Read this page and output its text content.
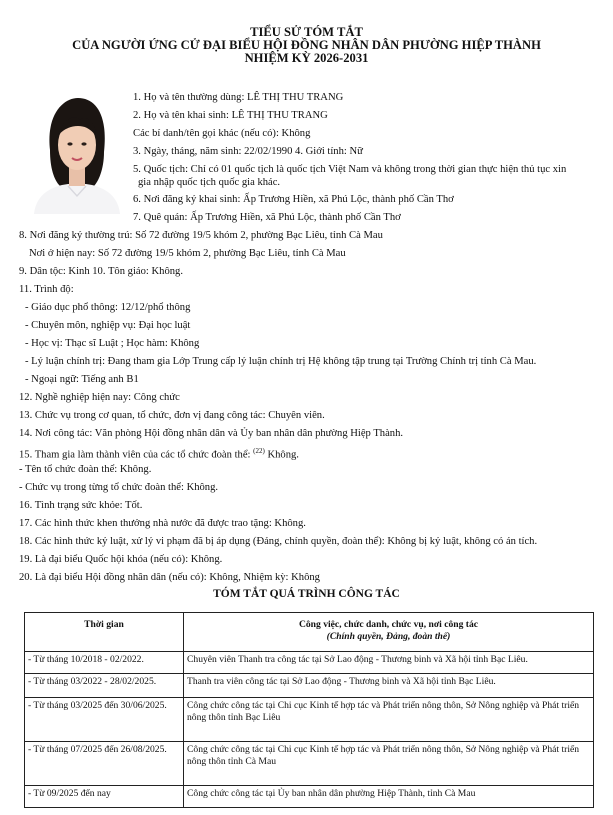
TIỂU SỬ TÓM TẮT
CỦA NGƯỜI ỨNG CỬ ĐẠI BIỂU HỘI ĐỒNG NHÂN DÂN PHƯỜNG HIỆP THÀNH
NHIỆM KỲ 2026-2031
1. Họ và tên thường dùng: LÊ THỊ THU TRANG
2. Họ và tên khai sinh: LÊ THỊ THU TRANG
Các bí danh/tên gọi khác (nếu có): Không
3. Ngày, tháng, năm sinh: 22/02/1990 4. Giới tính: Nữ
5. Quốc tịch: Chỉ có 01 quốc tịch là quốc tịch Việt Nam và không trong thời gian thực hiện thủ tục xin
gia nhập quốc tịch quốc gia khác.
6. Nơi đăng ký khai sinh: Ấp Trương Hiền, xã Phú Lộc, thành phố Cần Thơ
7. Quê quán: Ấp Trương Hiền, xã Phú Lộc, thành phố Cần Thơ
8. Nơi đăng ký thường trú: Số 72 đường 19/5 khóm 2, phường Bạc Liêu, tỉnh Cà Mau
Nơi ở hiện nay: Số 72 đường 19/5 khóm 2, phường Bạc Liêu, tỉnh Cà Mau
9. Dân tộc: Kinh 10. Tôn giáo: Không.
11. Trình độ:
- Giáo dục phổ thông: 12/12/phổ thông
- Chuyên môn, nghiệp vụ: Đại học luật
- Học vị: Thạc sĩ Luật ; Học hàm: Không
- Lý luận chính trị: Đang tham gia Lớp Trung cấp lý luận chính trị Hệ không tập trung tại Trường Chính trị tỉnh Cà Mau.
- Ngoại ngữ: Tiếng anh B1
12. Nghề nghiệp hiện nay: Công chức
13. Chức vụ trong cơ quan, tổ chức, đơn vị đang công tác: Chuyên viên.
14. Nơi công tác: Văn phòng Hội đồng nhân dân và Ủy ban nhân dân phường Hiệp Thành.
15. Tham gia làm thành viên của các tổ chức đoàn thể: $^{(22)}$ Không.
- Tên tổ chức đoàn thể: Không.
- Chức vụ trong từng tổ chức đoàn thể: Không.
16. Tình trạng sức khỏe: Tốt.
17. Các hình thức khen thưởng nhà nước đã được trao tặng: Không.
18. Các hình thức kỷ luật, xử lý vi phạm đã bị áp dụng (Đảng, chính quyền, đoàn thể): Không bị kỷ luật, không có án tích.
19. Là đại biểu Quốc hội khóa (nếu có): Không.
20. Là đại biểu Hội đồng nhân dân (nếu có): Không, Nhiệm kỳ: Không
TÓM TẮT QUÁ TRÌNH CÔNG TÁC
Thời gian	Công việc, chức danh, chức vụ, nơi công tác
(Chính quyền, Đảng, đoàn thể)

- Từ tháng 10/2018 - 02/2022.	Chuyên viên Thanh tra công tác tại Sở Lao động - Thương binh và Xã hội tỉnh Bạc Liêu.
- Từ tháng 03/2022 - 28/02/2025.	Thanh tra viên công tác tại Sở Lao động - Thương binh và Xã hội tỉnh Bạc Liêu.
- Từ tháng 03/2025 đến 30/06/2025.	Công chức công tác tại Chi cục Kinh tế hợp tác và Phát triển nông thôn, Sở Nông nghiệp và Phát triển nông thôn tỉnh Bạc Liêu
- Từ tháng 07/2025 đến 26/08/2025.	Công chức công tác tại Chi cục Kinh tế hợp tác và Phát triển nông thôn, Sở Nông nghiệp và Phát triển nông thôn tỉnh Cà Mau
- Từ 09/2025 đến nay	Công chức công tác tại Ủy ban nhân dân phường Hiệp Thành, tỉnh Cà Mau
